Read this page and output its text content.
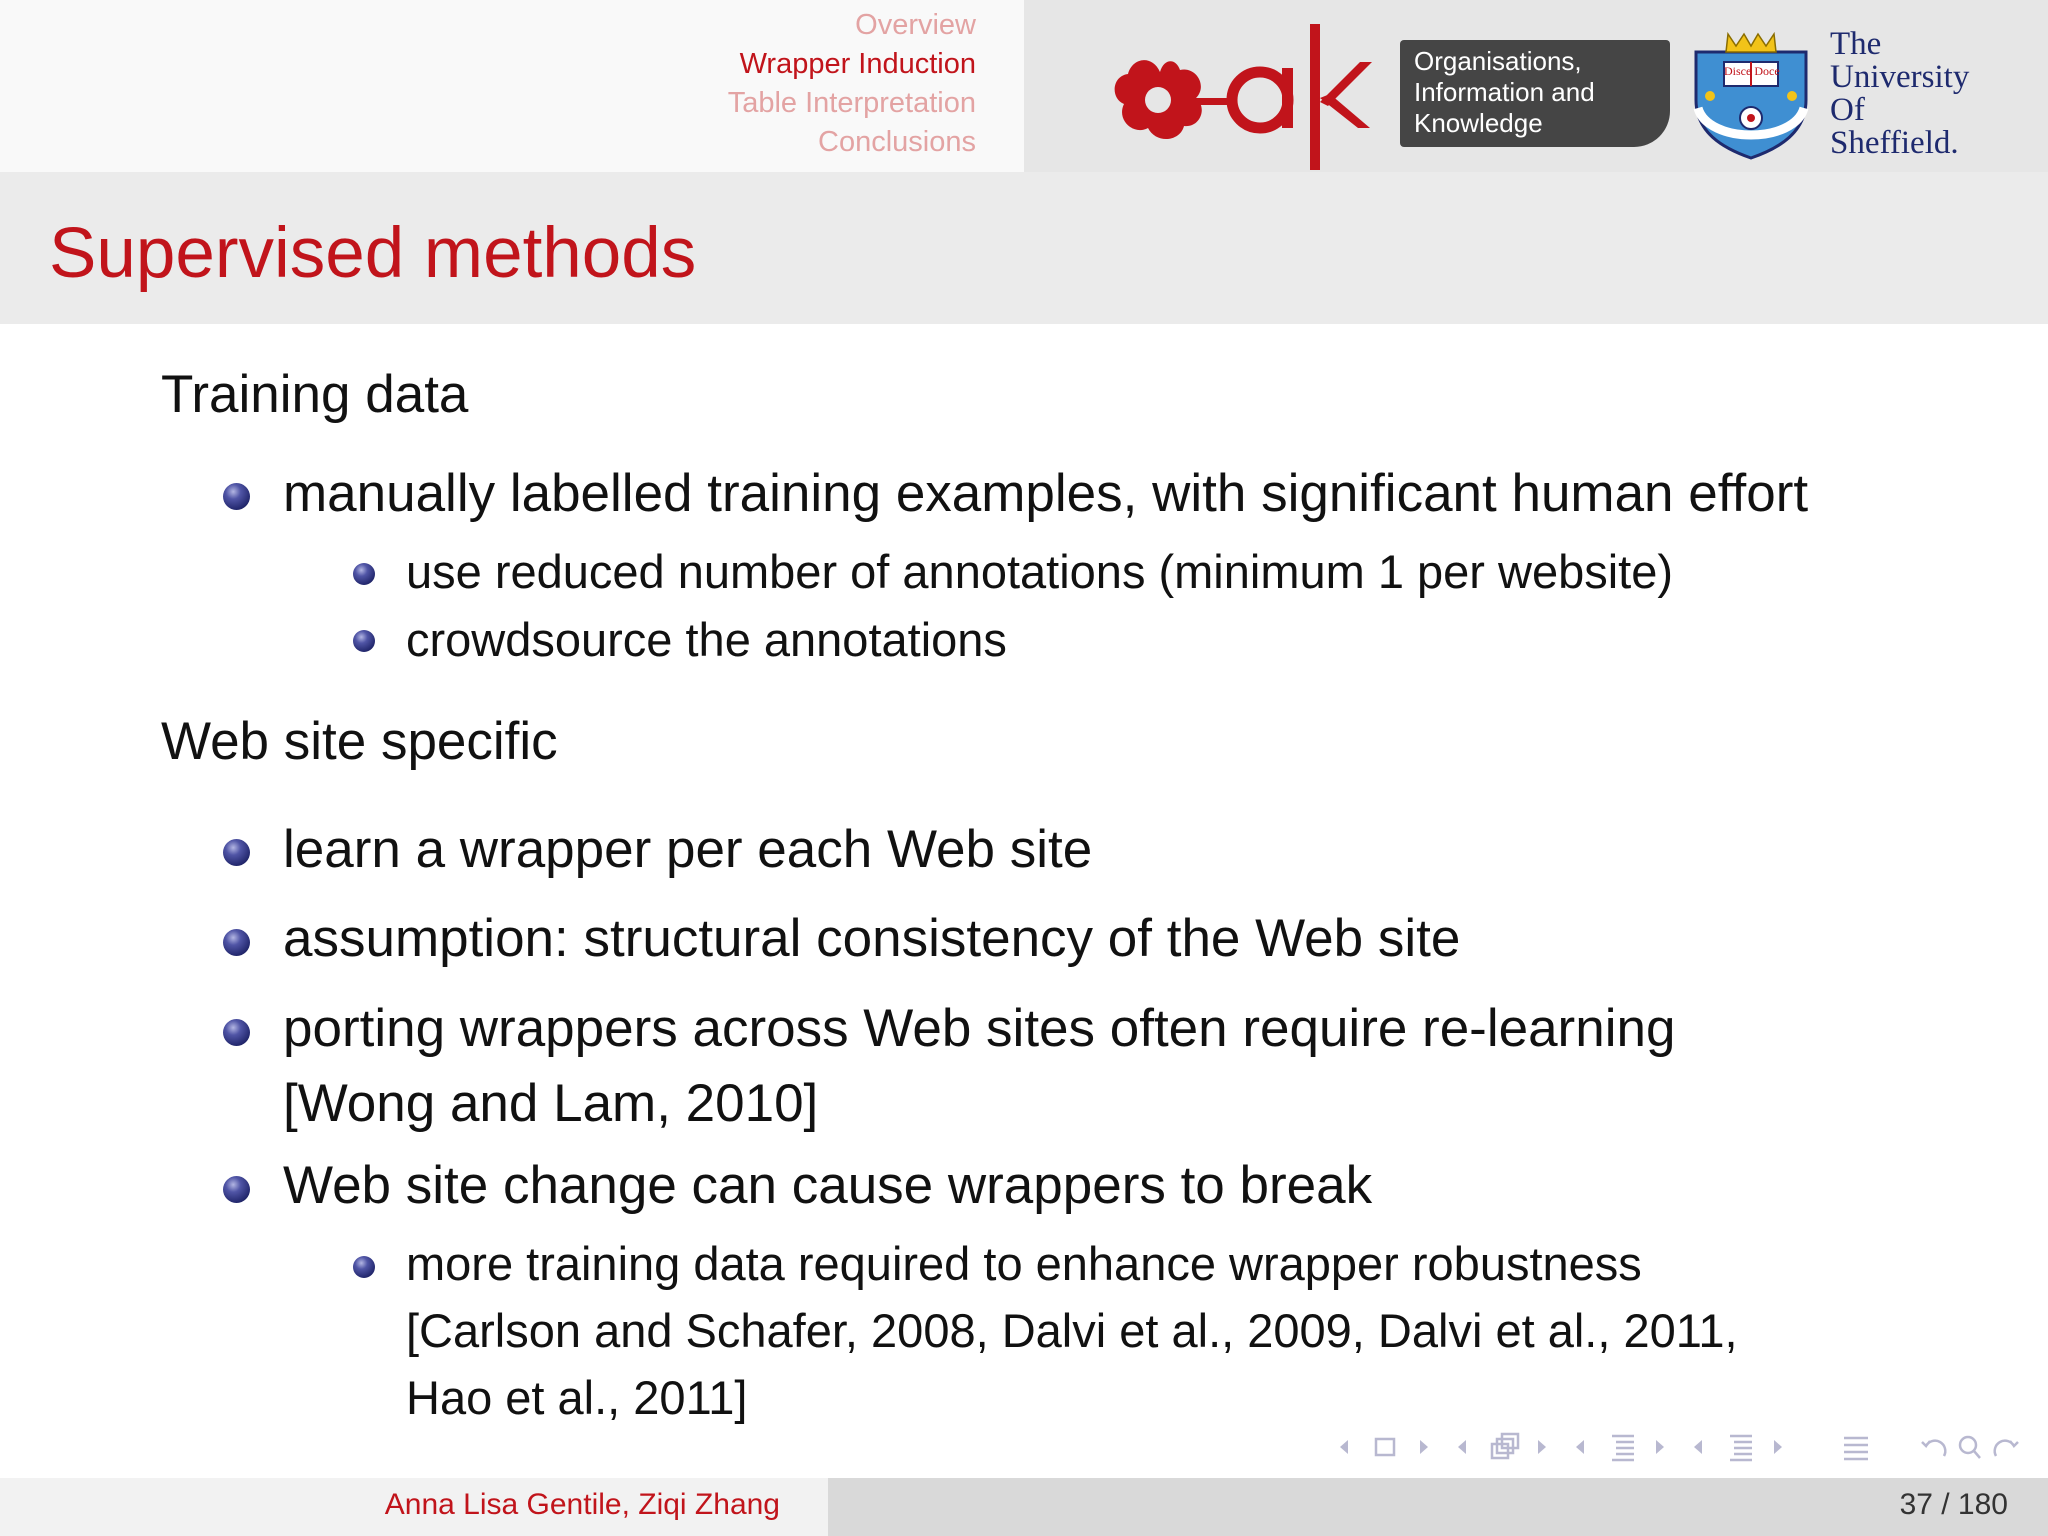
Overview
Wrapper Induction
Table Interpretation
Conclusions
Organisations,
Information and
Knowledge
Disce Doce
The
University
Of
Sheffield.
Supervised methods

Training data

manually labelled training examples, with significant human effort

use reduced number of annotations (minimum 1 per website)

crowdsource the annotations

Web site specific

learn a wrapper per each Web site

assumption: structural consistency of the Web site

porting wrappers across Web sites often require re-learning

[Wong and Lam, 2010]

Web site change can cause wrappers to break

more training data required to enhance wrapper robustness

[Carlson and Schafer, 2008, Dalvi et al., 2009, Dalvi et al., 2011,

Hao et al., 2011]

Anna Lisa Gentile, Ziqi Zhang	37 / 180
